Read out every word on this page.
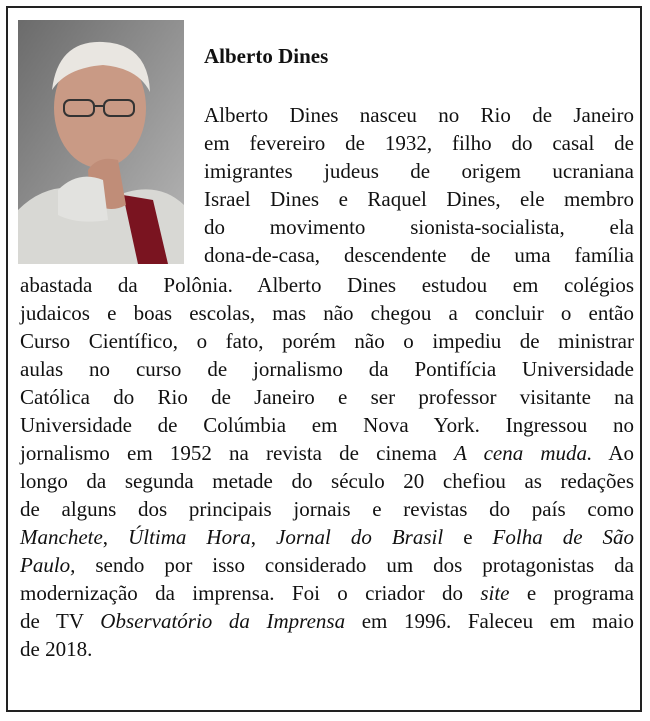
Alberto Dines
Alberto Dines nasceu no Rio de Janeiro
em fevereiro de 1932, filho do casal de
imigrantes judeus de origem ucraniana
Israel Dines e Raquel Dines, ele membro
do movimento sionista-socialista, ela
dona-de-casa, descendente de uma família
abastada da Polônia. Alberto Dines estudou em colégios
judaicos e boas escolas, mas não chegou a concluir o então
Curso Científico, o fato, porém não o impediu de ministrar
aulas no curso de jornalismo da Pontifícia Universidade
Católica do Rio de Janeiro e ser professor visitante na
Universidade de Colúmbia em Nova York. Ingressou no
jornalismo em 1952 na revista de cinema A cena muda. Ao
longo da segunda metade do século 20 chefiou as redações
de alguns dos principais jornais e revistas do país como
Manchete, Última Hora, Jornal do Brasil e Folha de São
Paulo, sendo por isso considerado um dos protagonistas da
modernização da imprensa. Foi o criador do site e programa
de TV Observatório da Imprensa em 1996. Faleceu em maio
de 2018.
